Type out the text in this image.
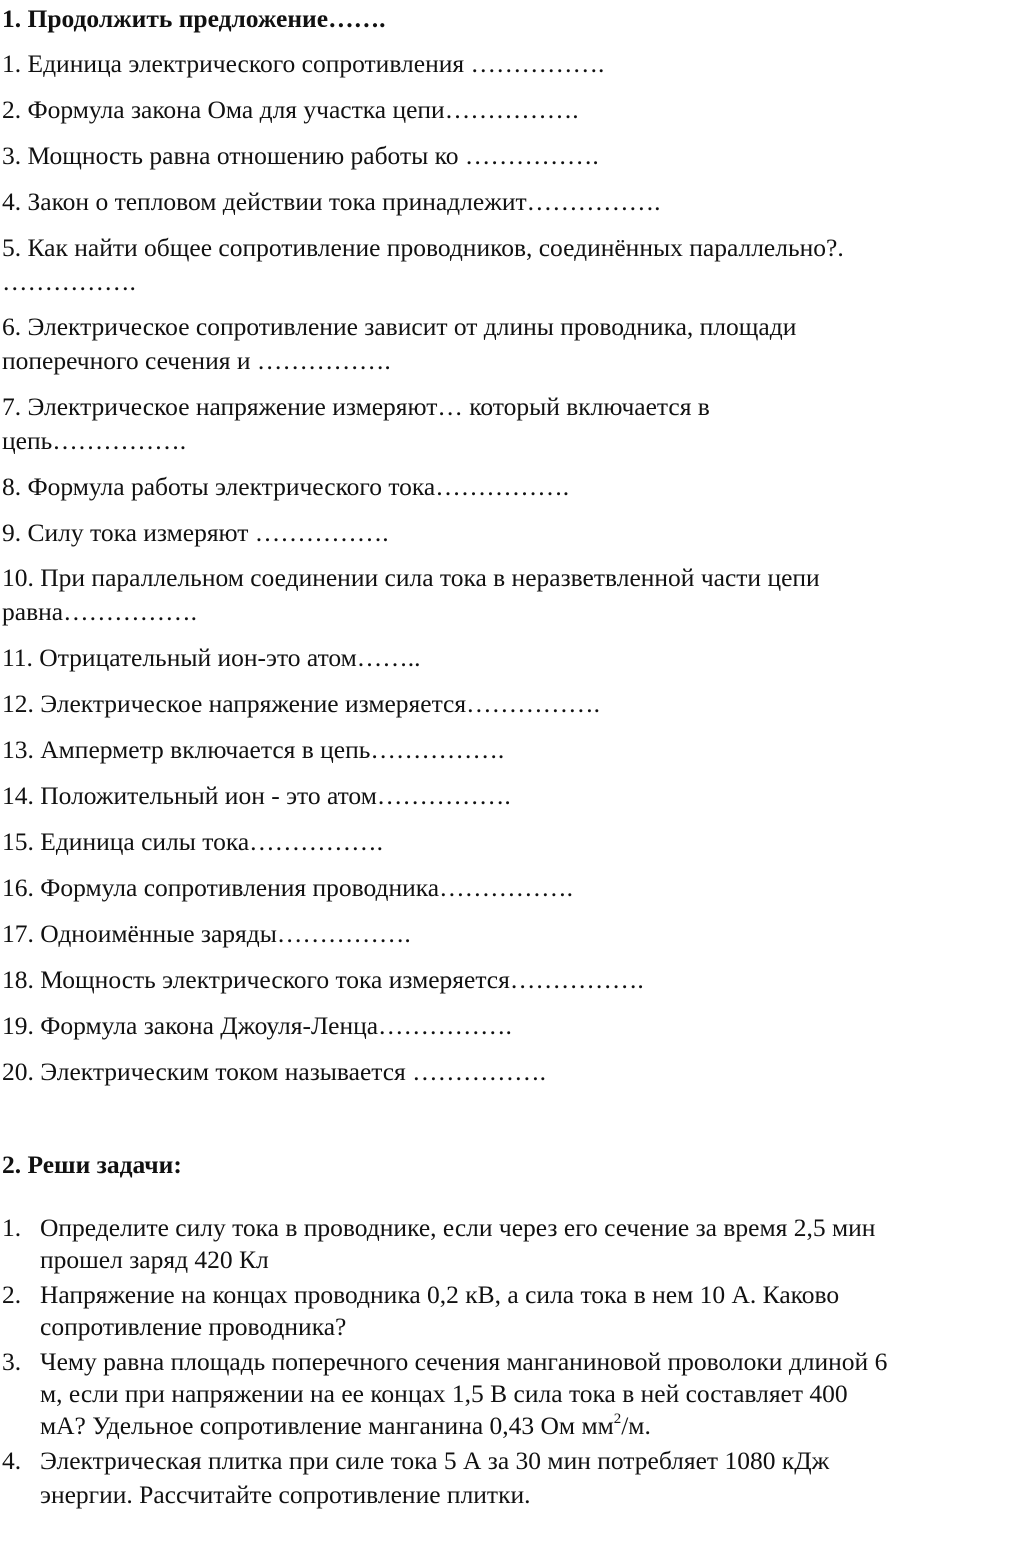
1. Продолжить предложение…….
1. Единица электрического сопротивления …………….
2. Формула закона Ома для участка цепи…………….
3. Мощность равна отношению работы ко …………….
4. Закон о тепловом действии тока принадлежит…………….
5. Как найти общее сопротивление проводников, соединённых параллельно?.
…………….
6. Электрическое сопротивление зависит от длины проводника, площади
поперечного сечения и …………….
7. Электрическое напряжение измеряют… который включается в
цепь…………….
8. Формула работы электрического тока…………….
9. Силу тока измеряют …………….
10. При параллельном соединении сила тока в неразветвленной части цепи
равна…………….
11. Отрицательный ион-это атом……..
12. Электрическое напряжение измеряется…………….
13. Амперметр включается в цепь…………….
14. Положительный ион - это атом…………….
15. Единица силы тока…………….
16. Формула сопротивления проводника…………….
17. Одноимённые заряды…………….
18. Мощность электрического тока измеряется…………….
19. Формула закона Джоуля-Ленца…………….
20. Электрическим током называется …………….
2. Реши задачи:
1. Определите силу тока в проводнике, если через его сечение за время 2,5 мин
прошел заряд 420 Кл
2. Напряжение на концах проводника 0,2 кВ, а сила тока в нем 10 А. Каково
сопротивление проводника?
3. Чему равна площадь поперечного сечения манганиновой проволоки длиной 6
м, если при напряжении на ее концах 1,5 В сила тока в ней составляет 400
мА? Удельное сопротивление манганина 0,43 Ом $мм^2/м$.
4. Электрическая плитка при силе тока 5 А за 30 мин потребляет 1080 кДж
энергии. Рассчитайте сопротивление плитки.
